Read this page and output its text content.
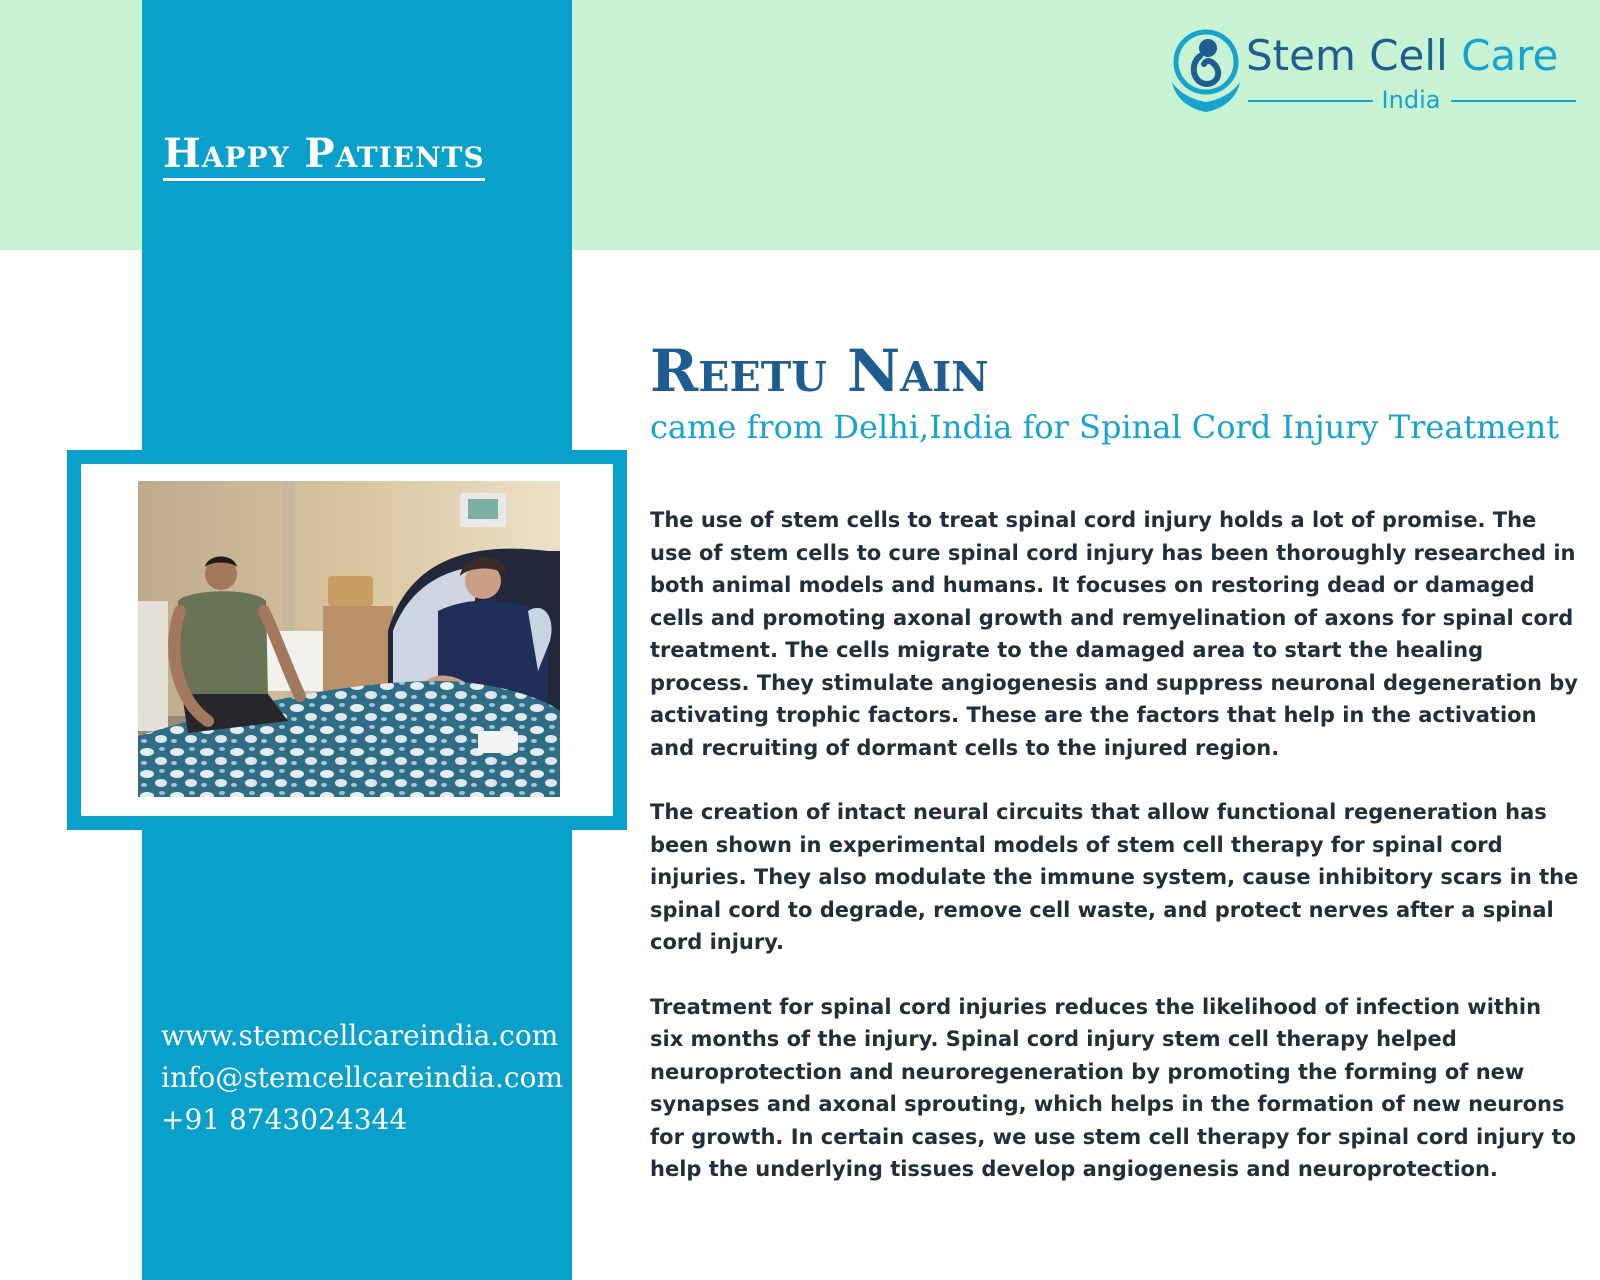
Happy Patients
Stem Cell Care
India
www.stemcellcareindia.com
info@stemcellcareindia.com
+91 8743024344
Reetu Nain
came from Delhi,India for Spinal Cord Injury Treatment

The use of stem cells to treat spinal cord injury holds a lot of promise. The use of stem cells to cure spinal cord injury has been thoroughly researched in both animal models and humans. It focuses on restoring dead or damaged cells and promoting axonal growth and remyelination of axons for spinal cord treatment. The cells migrate to the damaged area to start the healing process. They stimulate angiogenesis and suppress neuronal degeneration by activating trophic factors. These are the factors that help in the activation and recruiting of dormant cells to the injured region.

The creation of intact neural circuits that allow functional regeneration has been shown in experimental models of stem cell therapy for spinal cord injuries. They also modulate the immune system, cause inhibitory scars in the spinal cord to degrade, remove cell waste, and protect nerves after a spinal cord injury.

Treatment for spinal cord injuries reduces the likelihood of infection within six months of the injury. Spinal cord injury stem cell therapy helped neuroprotection and neuroregeneration by promoting the forming of new synapses and axonal sprouting, which helps in the formation of new neurons for growth. In certain cases, we use stem cell therapy for spinal cord injury to help the underlying tissues develop angiogenesis and neuroprotection.
